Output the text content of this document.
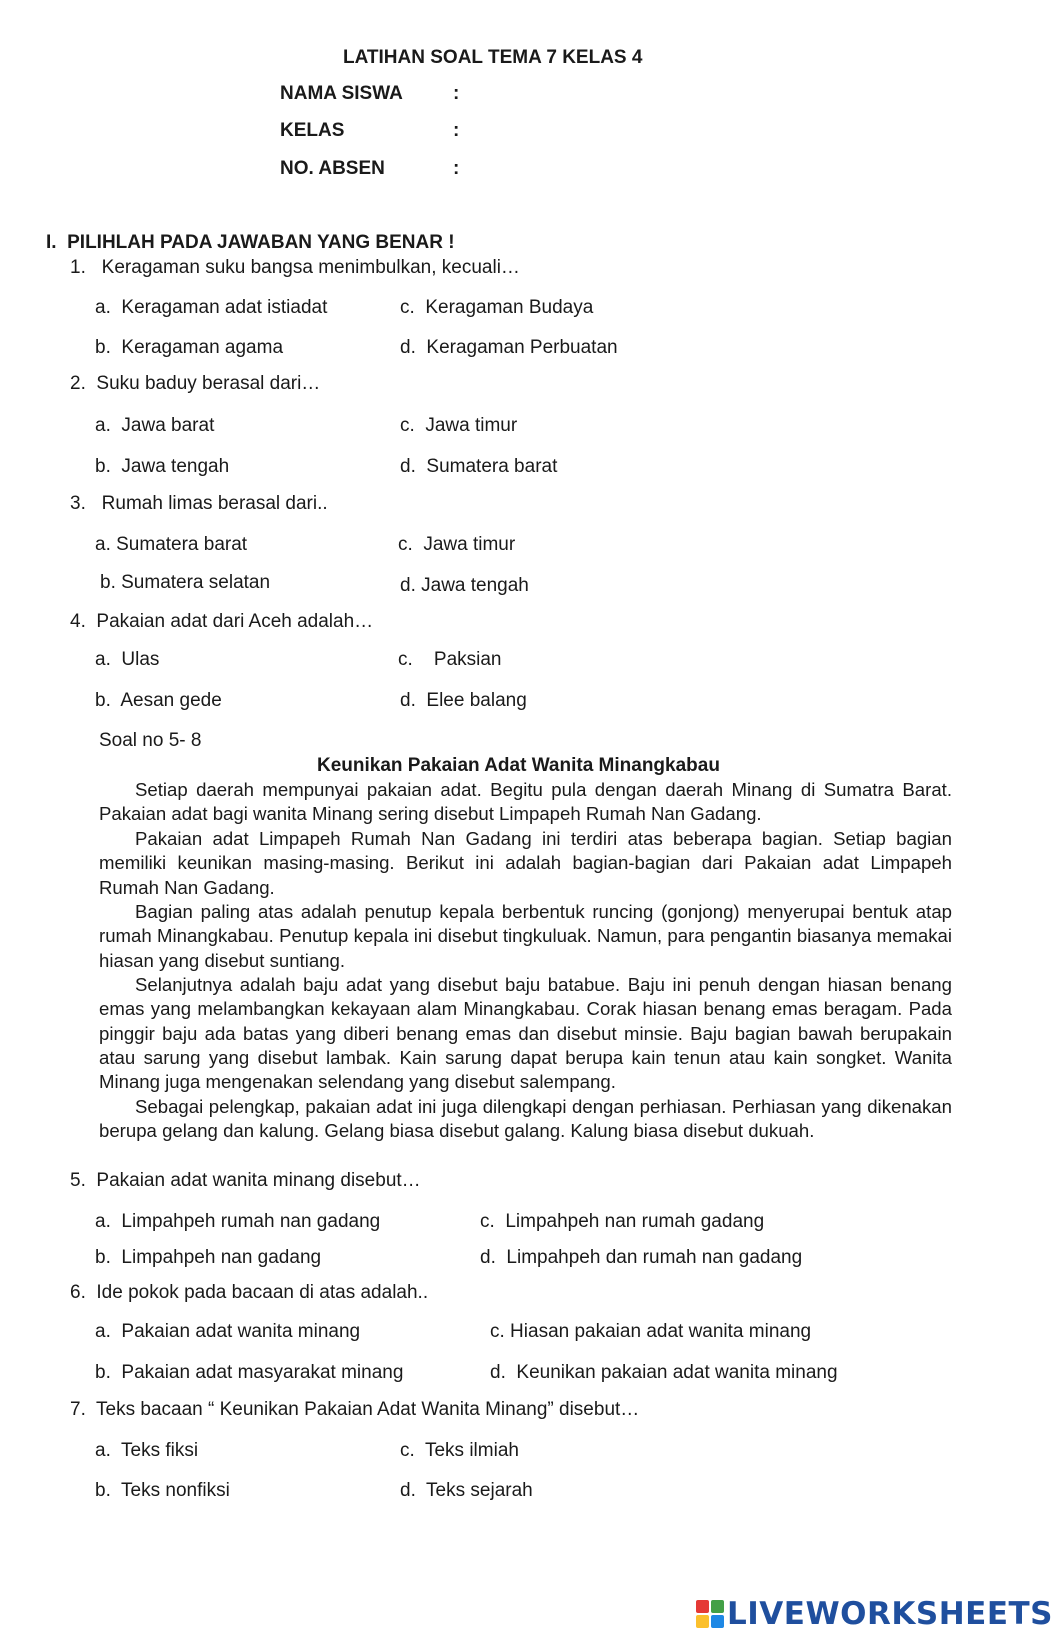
LATIHAN SOAL TEMA 7 KELAS 4
NAMA SISWA	:
KELAS	:
NO. ABSEN	:
I.  PILIHLAH PADA JAWABAN YANG BENAR !
1.   Keragaman suku bangsa menimbulkan, kecuali…
a.  Keragaman adat istiadat	c.  Keragaman Budaya
b.  Keragaman agama	d.  Keragaman Perbuatan
2.  Suku baduy berasal dari…
a.  Jawa barat	c.  Jawa timur
b.  Jawa tengah	d.  Sumatera barat
3.   Rumah limas berasal dari..
a. Sumatera barat	c.  Jawa timur
b. Sumatera selatan	d. Jawa tengah
4.  Pakaian adat dari Aceh adalah…
a.  Ulas	c.    Paksian
b.  Aesan gede	d.  Elee balang
Soal no 5- 8
Keunikan Pakaian Adat Wanita Minangkabau
Setiap daerah mempunyai pakaian adat. Begitu pula dengan daerah Minang di Sumatra Barat. Pakaian adat bagi wanita Minang sering disebut Limpapeh Rumah Nan Gadang.
Pakaian adat Limpapeh Rumah Nan Gadang ini terdiri atas beberapa bagian. Setiap bagian memiliki keunikan masing-masing. Berikut ini adalah bagian-bagian dari Pakaian adat Limpapeh Rumah Nan Gadang.
Bagian paling atas adalah penutup kepala berbentuk runcing (gonjong) menyerupai bentuk atap rumah Minangkabau. Penutup kepala ini disebut tingkuluak. Namun, para pengantin biasanya memakai hiasan yang disebut suntiang.
Selanjutnya adalah baju adat yang disebut baju batabue. Baju ini penuh dengan hiasan benang emas yang melambangkan kekayaan alam Minangkabau. Corak hiasan benang emas beragam. Pada pinggir baju ada batas yang diberi benang emas dan disebut minsie. Baju bagian bawah berupakain atau sarung yang disebut lambak. Kain sarung dapat berupa kain tenun atau kain songket. Wanita Minang juga mengenakan selendang yang disebut salempang.
Sebagai pelengkap, pakaian adat ini juga dilengkapi dengan perhiasan. Perhiasan yang dikenakan berupa gelang dan kalung. Gelang biasa disebut galang. Kalung biasa disebut dukuah.
5.  Pakaian adat wanita minang disebut…
a.  Limpahpeh rumah nan gadang	c.  Limpahpeh nan rumah gadang
b.  Limpahpeh nan gadang	d.  Limpahpeh dan rumah nan gadang
6.  Ide pokok pada bacaan di atas adalah..
a.  Pakaian adat wanita minang	c. Hiasan pakaian adat wanita minang
b.  Pakaian adat masyarakat minang	d.  Keunikan pakaian adat wanita minang
7.  Teks bacaan “ Keunikan Pakaian Adat Wanita Minang” disebut…
a.  Teks fiksi	c.  Teks ilmiah
b.  Teks nonfiksi	d.  Teks sejarah
LIVEWORKSHEETS
